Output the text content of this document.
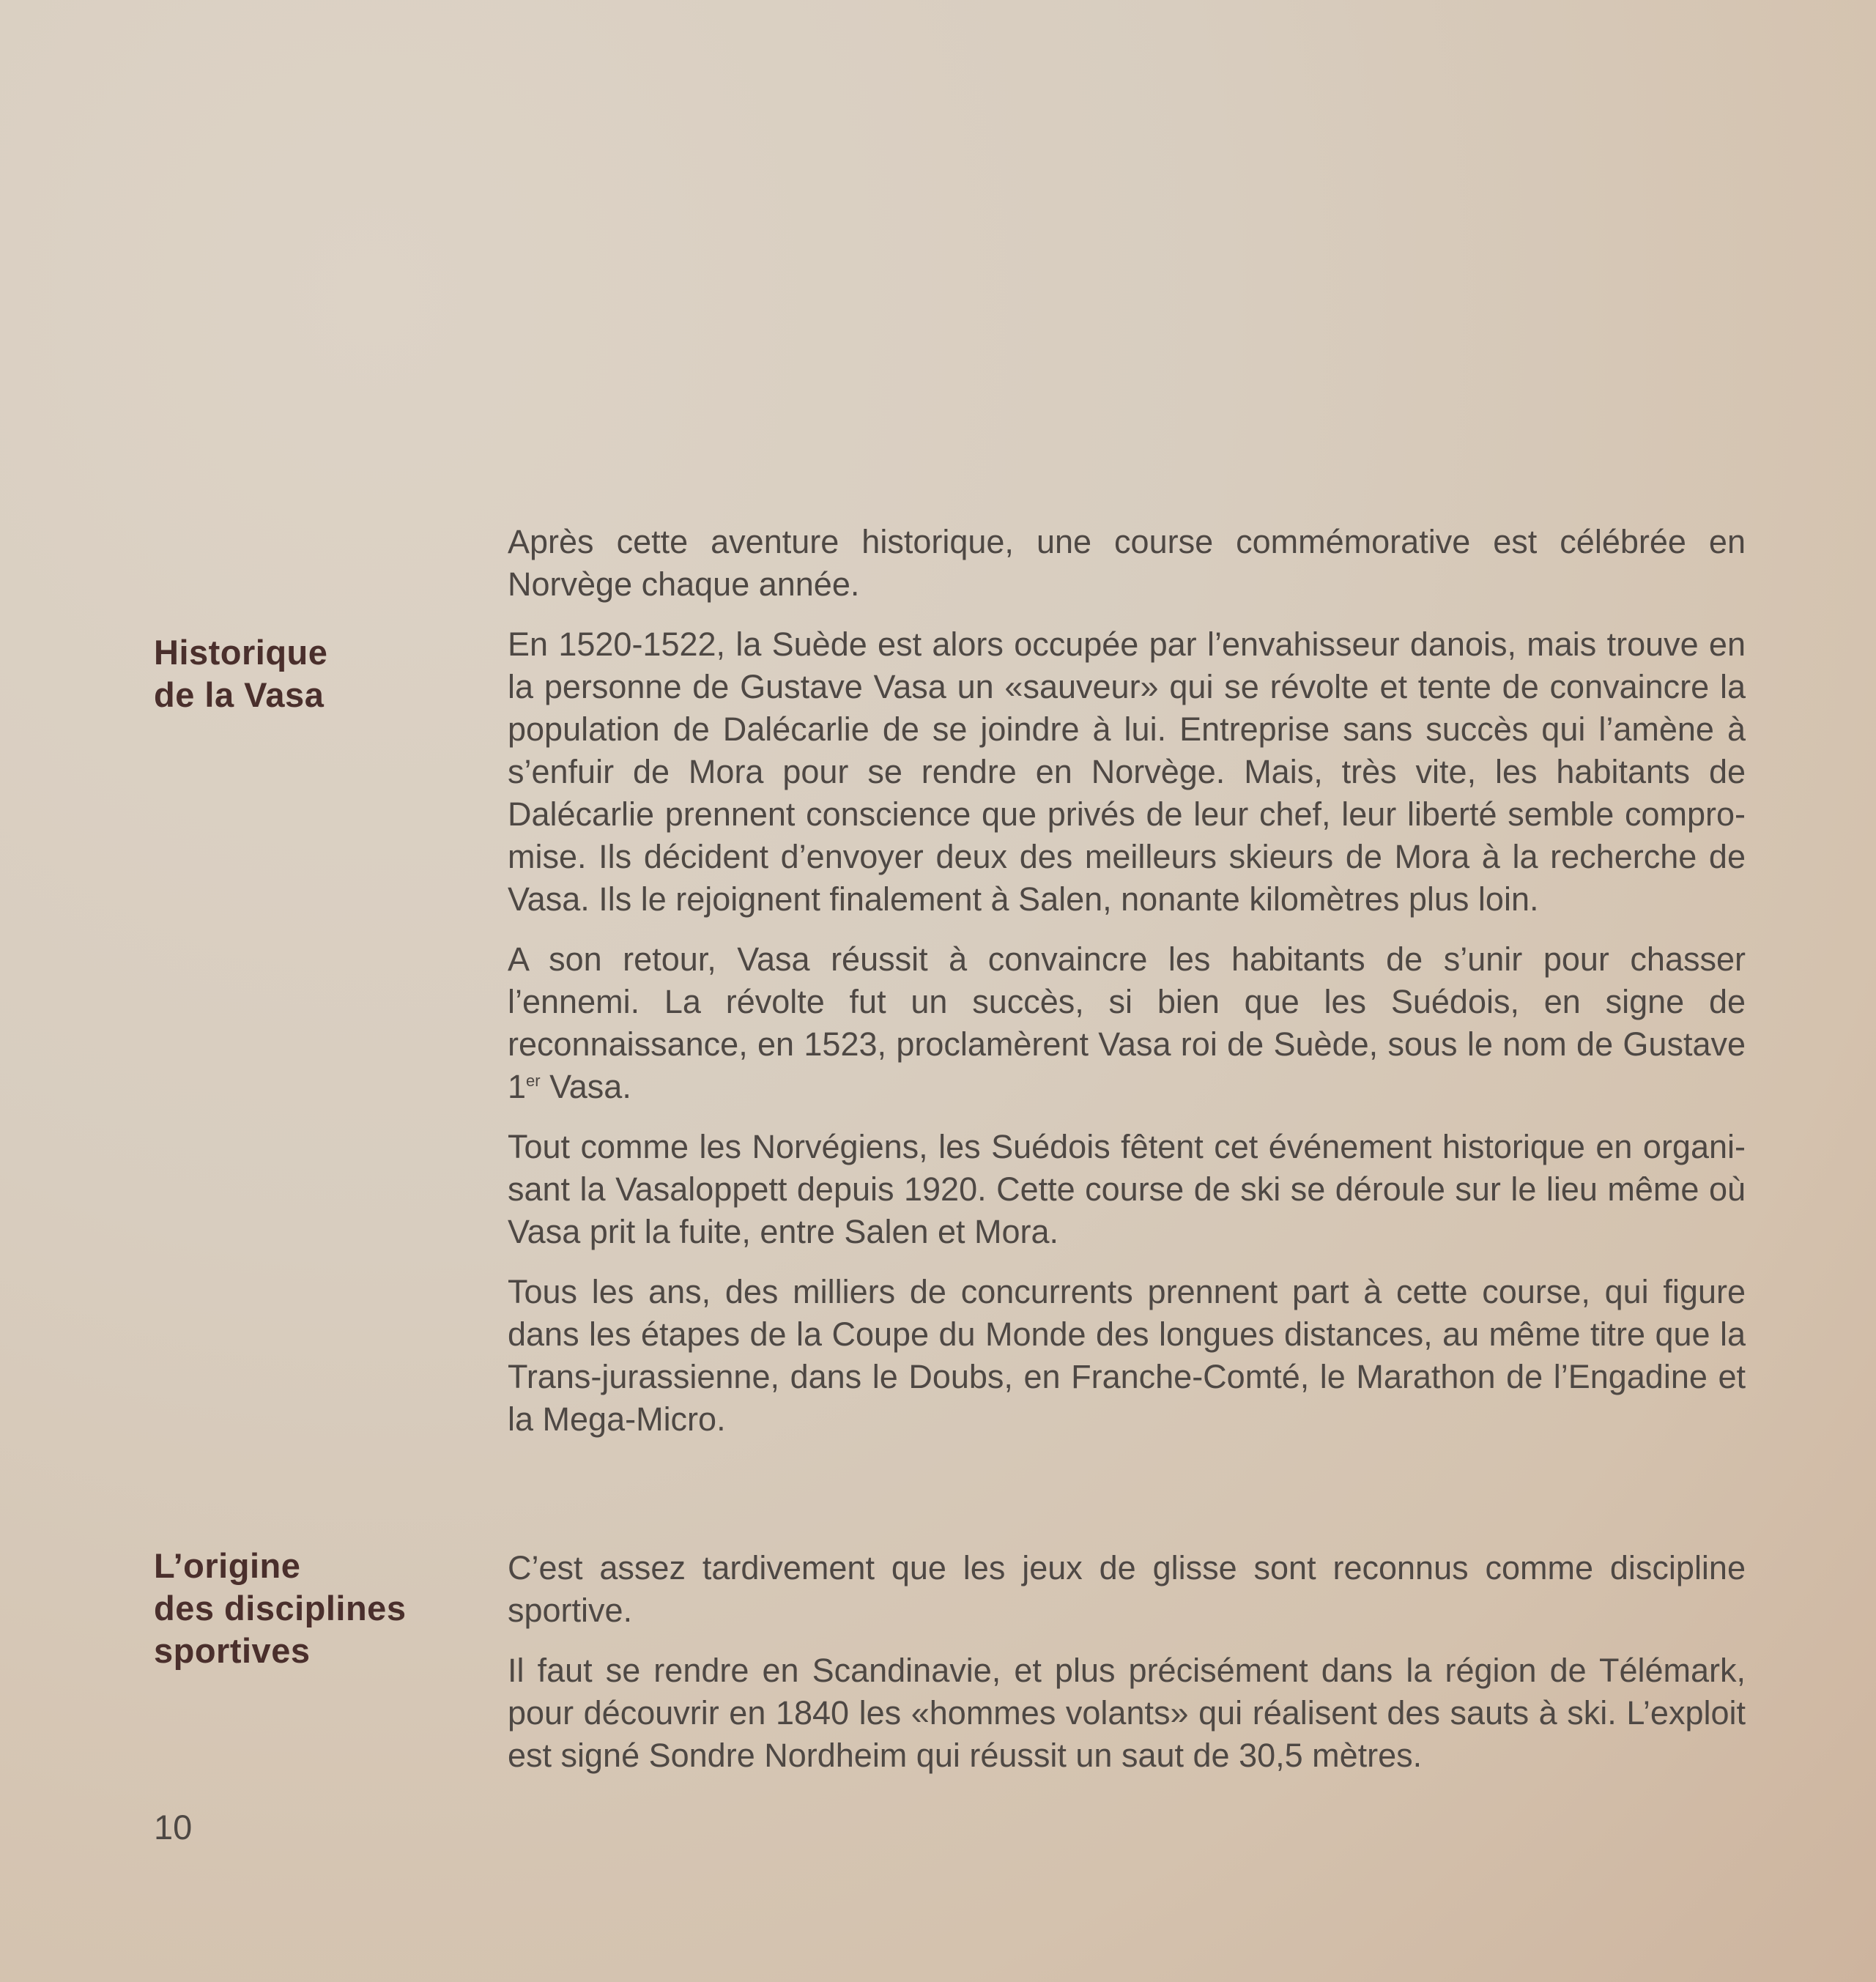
Historique
de la Vasa

Après cette aventure historique, une course commémorative est célébrée en Norvège chaque année.

En 1520-1522, la Suède est alors occupée par l’envahisseur danois, mais trouve en la personne de Gustave Vasa un «sauveur» qui se révolte et tente de convaincre la population de Dalécarlie de se joindre à lui. Entreprise sans succès qui l’amène à s’enfuir de Mora pour se rendre en Norvège. Mais, très vite, les habitants de Dalécarlie prennent conscience que privés de leur chef, leur liberté semble compro-mise. Ils décident d’envoyer deux des meilleurs skieurs de Mora à la recherche de Vasa. Ils le rejoignent finalement à Salen, nonante kilomètres plus loin.

A son retour, Vasa réussit à convaincre les habitants de s’unir pour chasser l’ennemi. La révolte fut un succès, si bien que les Suédois, en signe de reconnaissance, en 1523, proclamèrent Vasa roi de Suède, sous le nom de Gustave 1er Vasa.

Tout comme les Norvégiens, les Suédois fêtent cet événement historique en organi-sant la Vasaloppett depuis 1920. Cette course de ski se déroule sur le lieu même où Vasa prit la fuite, entre Salen et Mora.

Tous les ans, des milliers de concurrents prennent part à cette course, qui figure dans les étapes de la Coupe du Monde des longues distances, au même titre que la Trans-jurassienne, dans le Doubs, en Franche-Comté, le Marathon de l’Engadine et la Mega-Micro.

L’origine
des disciplines
sportives

C’est assez tardivement que les jeux de glisse sont reconnus comme discipline sportive.

Il faut se rendre en Scandinavie, et plus précisément dans la région de Télémark, pour découvrir en 1840 les «hommes volants» qui réalisent des sauts à ski. L’exploit est signé Sondre Nordheim qui réussit un saut de 30,5 mètres.

10
